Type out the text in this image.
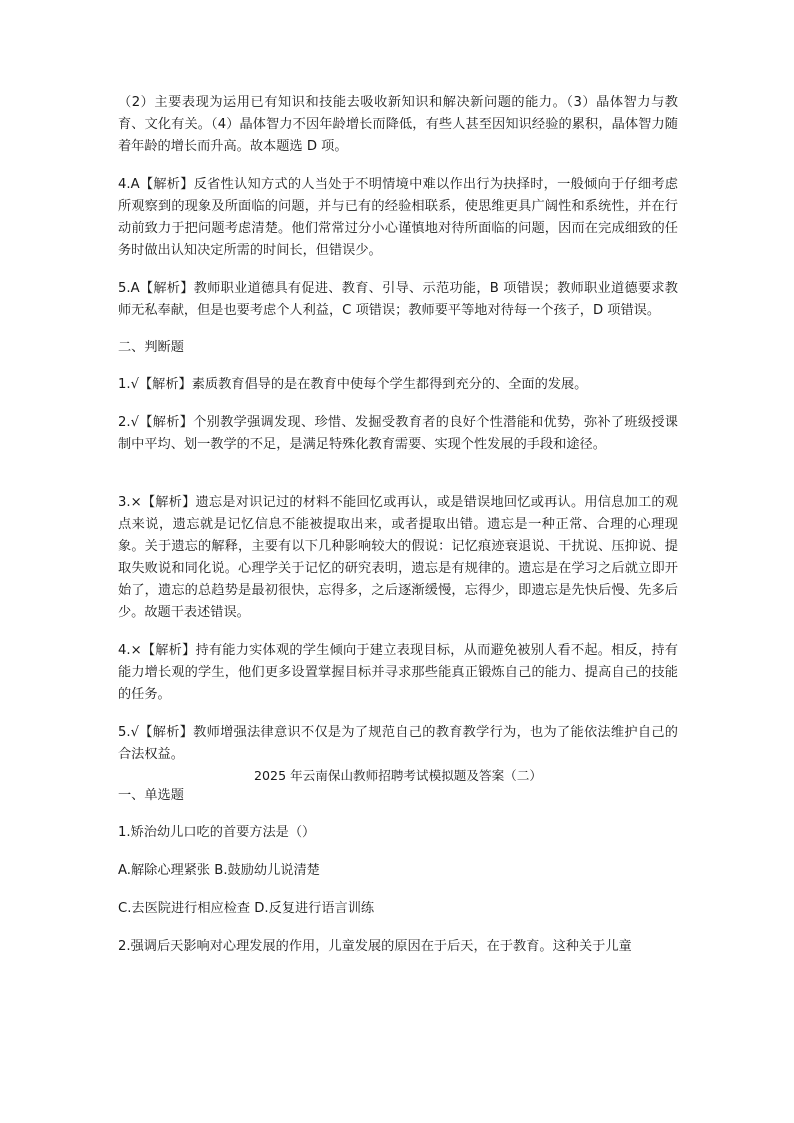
（2）主要表现为运用已有知识和技能去吸收新知识和解决新问题的能力。（3）晶体智力与教育、文化有关。（4）晶体智力不因年龄增长而降低，有些人甚至因知识经验的累积，晶体智力随着年龄的增长而升高。故本题选 D 项。

4.A【解析】反省性认知方式的人当处于不明情境中难以作出行为抉择时，一般倾向于仔细考虑所观察到的现象及所面临的问题，并与已有的经验相联系，使思维更具广阔性和系统性，并在行动前致力于把问题考虑清楚。他们常常过分小心谨慎地对待所面临的问题，因而在完成细致的任务时做出认知决定所需的时间长，但错误少。

5.A【解析】教师职业道德具有促进、教育、引导、示范功能，B 项错误；教师职业道德要求教师无私奉献，但是也要考虑个人利益，C 项错误；教师要平等地对待每一个孩子，D 项错误。

二、判断题

1.√【解析】素质教育倡导的是在教育中使每个学生都得到充分的、全面的发展。

2.√【解析】个别教学强调发现、珍惜、发掘受教育者的良好个性潜能和优势，弥补了班级授课制中平均、划一教学的不足，是满足特殊化教育需要、实现个性发展的手段和途径。

3.×【解析】遗忘是对识记过的材料不能回忆或再认，或是错误地回忆或再认。用信息加工的观点来说，遗忘就是记忆信息不能被提取出来，或者提取出错。遗忘是一种正常、合理的心理现象。关于遗忘的解释，主要有以下几种影响较大的假说：记忆痕迹衰退说、干扰说、压抑说、提取失败说和同化说。心理学关于记忆的研究表明，遗忘是有规律的。遗忘是在学习之后就立即开始了，遗忘的总趋势是最初很快，忘得多，之后逐渐缓慢，忘得少，即遗忘是先快后慢、先多后少。故题干表述错误。

4.×【解析】持有能力实体观的学生倾向于建立表现目标，从而避免被别人看不起。相反，持有能力增长观的学生，他们更多设置掌握目标并寻求那些能真正锻炼自己的能力、提高自己的技能的任务。

5.√【解析】教师增强法律意识不仅是为了规范自己的教育教学行为，也为了能依法维护自己的合法权益。

2025 年云南保山教师招聘考试模拟题及答案（二）

一、单选题

1.矫治幼儿口吃的首要方法是（）

A.解除心理紧张 B.鼓励幼儿说清楚

C.去医院进行相应检查 D.反复进行语言训练

2.强调后天影响对心理发展的作用，儿童发展的原因在于后天，在于教育。这种关于儿童
